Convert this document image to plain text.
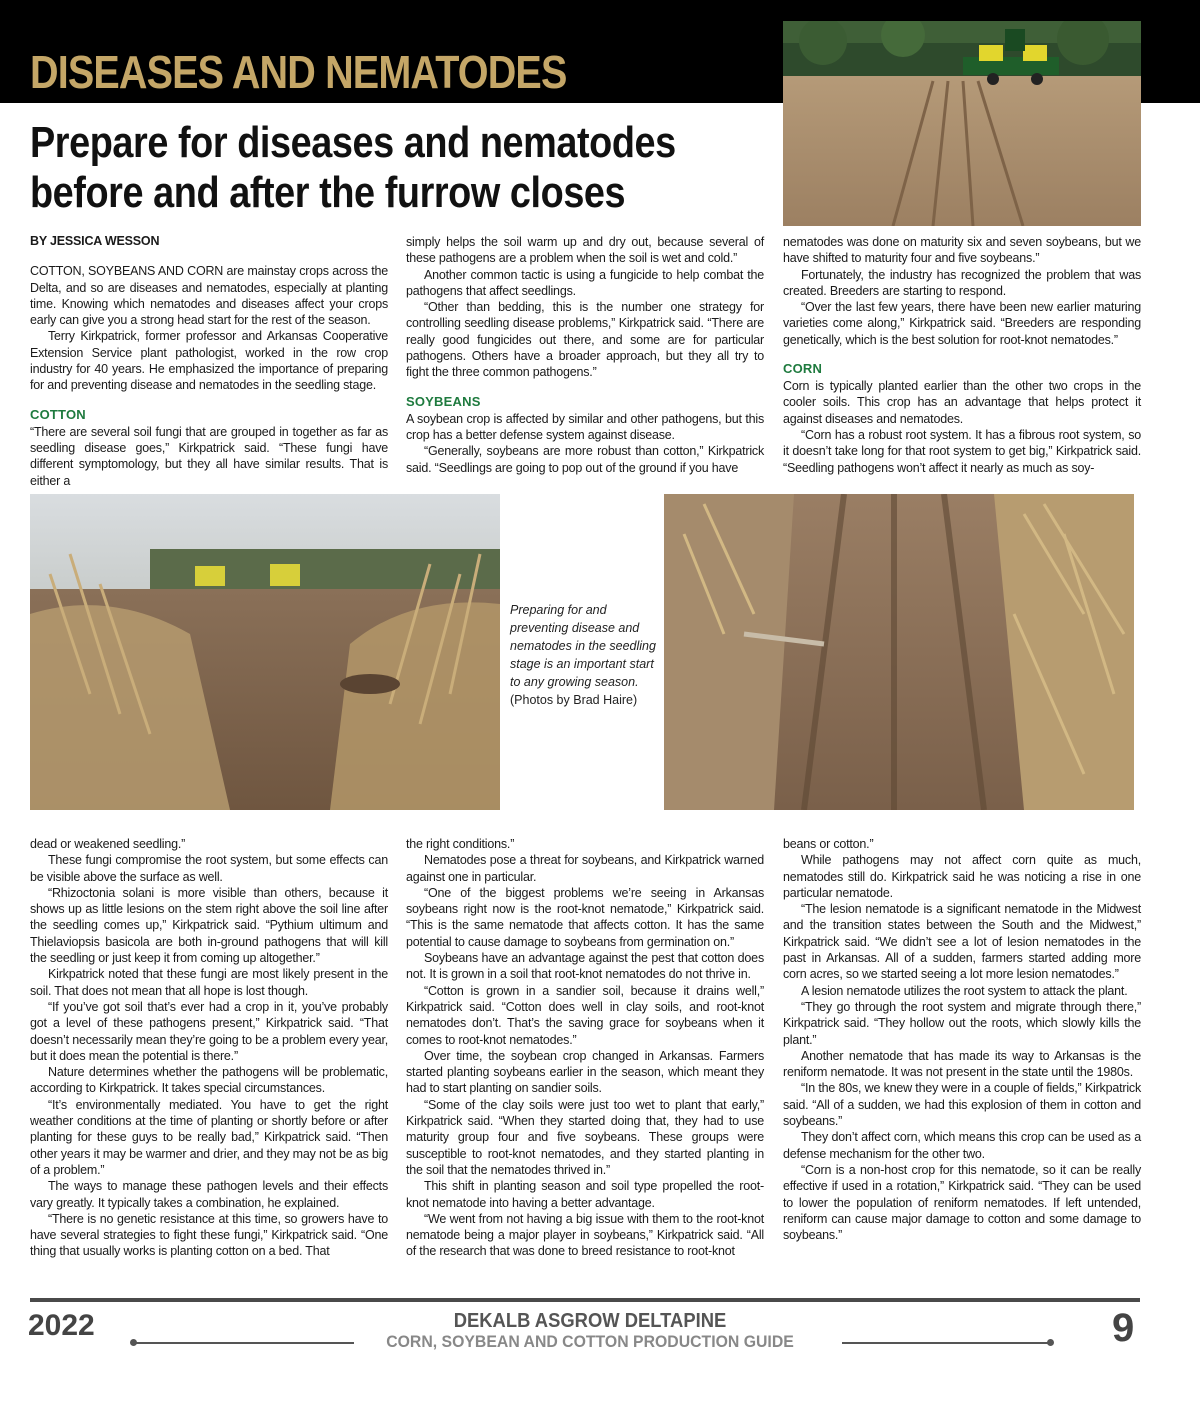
DISEASES AND NEMATODES
Prepare for diseases and nematodes before and after the furrow closes

BY JESSICA WESSON

COTTON, SOYBEANS AND CORN are mainstay crops across the Delta, and so are diseases and nematodes, especially at planting time. Knowing which nematodes and diseases affect your crops early can give you a strong head start for the rest of the season.

Terry Kirkpatrick, former professor and Arkansas Cooperative Extension Service plant pathologist, worked in the row crop industry for 40 years. He emphasized the importance of preparing for and preventing disease and nematodes in the seedling stage.

COTTON

“There are several soil fungi that are grouped in together as far as seedling disease goes,” Kirkpatrick said. “These fungi have different symptomology, but they all have similar results. That is either a

simply helps the soil warm up and dry out, because several of these pathogens are a problem when the soil is wet and cold.”

Another common tactic is using a fungicide to help combat the pathogens that affect seedlings.

“Other than bedding, this is the number one strategy for controlling seedling disease problems,” Kirkpatrick said. “There are really good fungicides out there, and some are for particular pathogens. Others have a broader approach, but they all try to fight the three common pathogens.”

SOYBEANS

A soybean crop is affected by similar and other pathogens, but this crop has a better defense system against disease.

“Generally, soybeans are more robust than cotton,” Kirkpatrick said. “Seedlings are going to pop out of the ground if you have

nematodes was done on maturity six and seven soybeans, but we have shifted to maturity four and five soybeans.”

Fortunately, the industry has recognized the problem that was created. Breeders are starting to respond.

“Over the last few years, there have been new earlier maturing varieties come along,” Kirkpatrick said. “Breeders are responding genetically, which is the best solution for root-knot nematodes.”

CORN

Corn is typically planted earlier than the other two crops in the cooler soils. This crop has an advantage that helps protect it against diseases and nematodes.

“Corn has a robust root system. It has a fibrous root system, so it doesn’t take long for that root system to get big,” Kirkpatrick said. “Seedling pathogens won’t affect it nearly as much as soy-

Preparing for and preventing disease and nematodes in the seedling stage is an important start to any growing season.
(Photos by Brad Haire)

dead or weakened seedling.”

These fungi compromise the root system, but some effects can be visible above the surface as well.

“Rhizoctonia solani is more visible than others, because it shows up as little lesions on the stem right above the soil line after the seedling comes up,” Kirkpatrick said. “Pythium ultimum and Thielaviopsis basicola are both in-ground pathogens that will kill the seedling or just keep it from coming up altogether.”

Kirkpatrick noted that these fungi are most likely present in the soil. That does not mean that all hope is lost though.

“If you’ve got soil that’s ever had a crop in it, you’ve probably got a level of these pathogens present,” Kirkpatrick said. “That doesn’t necessarily mean they’re going to be a problem every year, but it does mean the potential is there.”

Nature determines whether the pathogens will be problematic, according to Kirkpatrick. It takes special circumstances.

“It’s environmentally mediated. You have to get the right weather conditions at the time of planting or shortly before or after planting for these guys to be really bad,” Kirkpatrick said. “Then other years it may be warmer and drier, and they may not be as big of a problem.”

The ways to manage these pathogen levels and their effects vary greatly. It typically takes a combination, he explained.

“There is no genetic resistance at this time, so growers have to have several strategies to fight these fungi,” Kirkpatrick said. “One thing that usually works is planting cotton on a bed. That

the right conditions.”

Nematodes pose a threat for soybeans, and Kirkpatrick warned against one in particular.

“One of the biggest problems we’re seeing in Arkansas soybeans right now is the root-knot nematode,” Kirkpatrick said. “This is the same nematode that affects cotton. It has the same potential to cause damage to soybeans from germination on.”

Soybeans have an advantage against the pest that cotton does not. It is grown in a soil that root-knot nematodes do not thrive in.

“Cotton is grown in a sandier soil, because it drains well,” Kirkpatrick said. “Cotton does well in clay soils, and root-knot nematodes don’t. That’s the saving grace for soybeans when it comes to root-knot nematodes.”

Over time, the soybean crop changed in Arkansas. Farmers started planting soybeans earlier in the season, which meant they had to start planting on sandier soils.

“Some of the clay soils were just too wet to plant that early,” Kirkpatrick said. “When they started doing that, they had to use maturity group four and five soybeans. These groups were susceptible to root-knot nematodes, and they started planting in the soil that the nematodes thrived in.”

This shift in planting season and soil type propelled the root-knot nematode into having a better advantage.

“We went from not having a big issue with them to the root-knot nematode being a major player in soybeans,” Kirkpatrick said. “All of the research that was done to breed resistance to root-knot

beans or cotton.”

While pathogens may not affect corn quite as much, nematodes still do. Kirkpatrick said he was noticing a rise in one particular nematode.

“The lesion nematode is a significant nematode in the Midwest and the transition states between the South and the Midwest,” Kirkpatrick said. “We didn’t see a lot of lesion nematodes in the past in Arkansas. All of a sudden, farmers started adding more corn acres, so we started seeing a lot more lesion nematodes.”

A lesion nematode utilizes the root system to attack the plant.

“They go through the root system and migrate through there,” Kirkpatrick said. “They hollow out the roots, which slowly kills the plant.”

Another nematode that has made its way to Arkansas is the reniform nematode. It was not present in the state until the 1980s.

“In the 80s, we knew they were in a couple of fields,” Kirkpatrick said. “All of a sudden, we had this explosion of them in cotton and soybeans.”

They don’t affect corn, which means this crop can be used as a defense mechanism for the other two.

“Corn is a non-host crop for this nematode, so it can be really effective if used in a rotation,” Kirkpatrick said. “They can be used to lower the population of reniform nematodes. If left untended, reniform can cause major damage to cotton and some damage to soybeans.”

2022	DEKALB ASGROW DELTAPINE
CORN, SOYBEAN AND COTTON PRODUCTION GUIDE	9
